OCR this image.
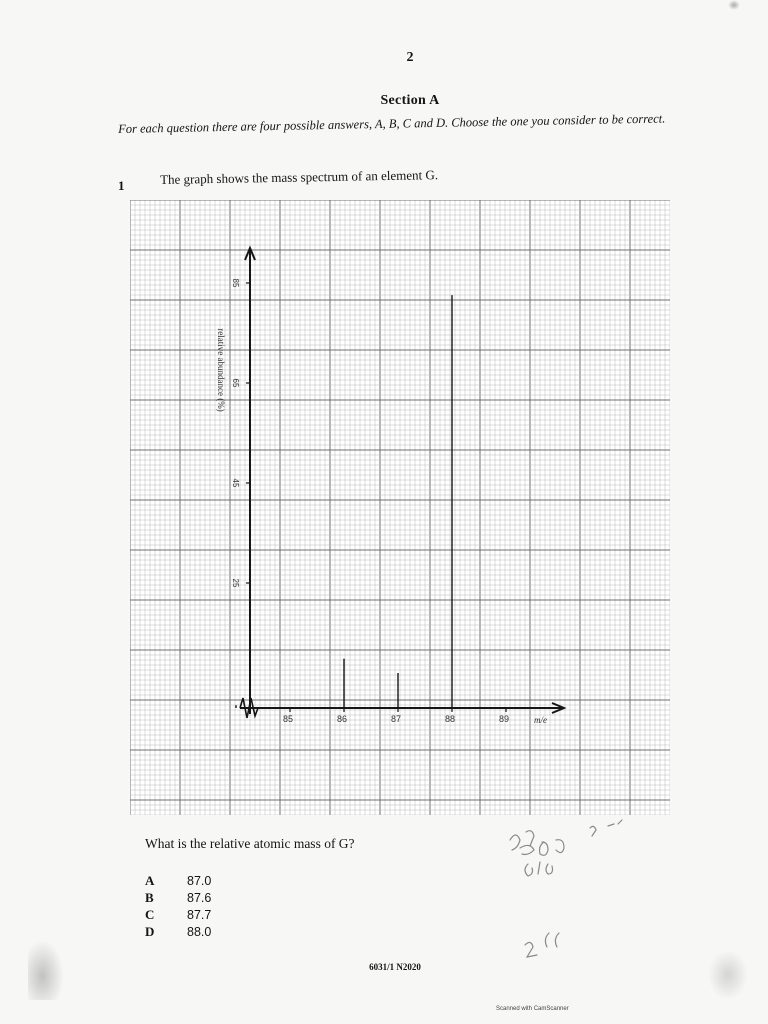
2
Section A
For each question there are four possible answers, A, B, C and D. Choose the one you consider to be correct.
1	The graph shows the mass spectrum of an element G.
85	86	87	88	89	m/e
25
45
65
85
relative abundance (%)
What is the relative atomic mass of G?
A	87.0
B	87.6
C	87.7
D	88.0
6031/1 N2020
Scanned with CamScanner
